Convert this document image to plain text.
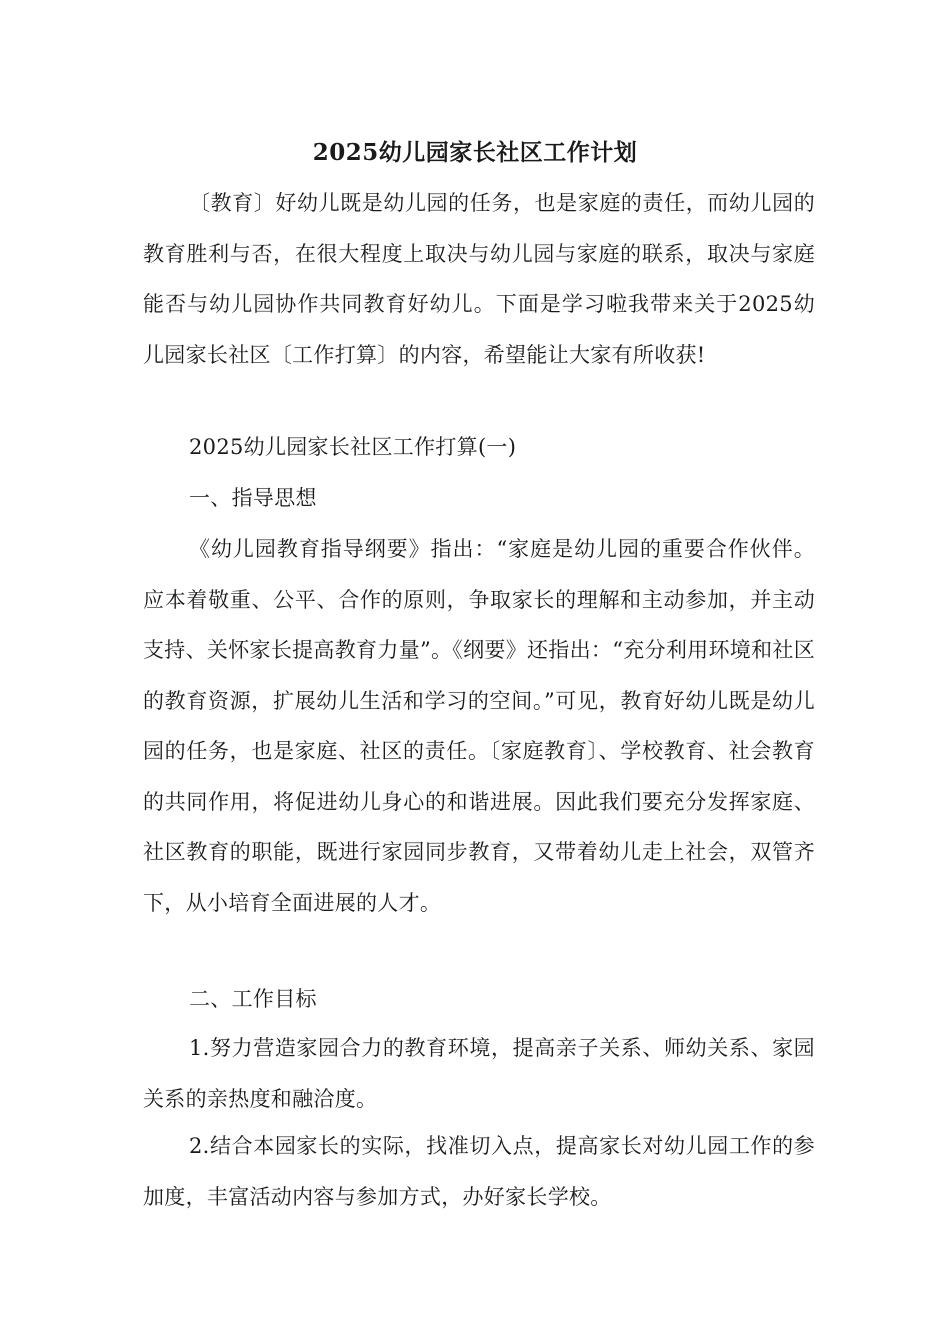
2025幼儿园家长社区工作计划
〔教育〕好幼儿既是幼儿园的任务，也是家庭的责任，而幼儿园的教育胜利与否，在很大程度上取决与幼儿园与家庭的联系，取决与家庭能否与幼儿园协作共同教育好幼儿。下面是学习啦我带来关于2025幼儿园家长社区〔工作打算〕的内容，希望能让大家有所收获!
2025幼儿园家长社区工作打算(一)
一、指导思想
《幼儿园教育指导纲要》指出：“家庭是幼儿园的重要合作伙伴。应本着敬重、公平、合作的原则，争取家长的理解和主动参加，并主动支持、关怀家长提高教育力量”。《纲要》还指出：“充分利用环境和社区的教育资源，扩展幼儿生活和学习的空间。”可见，教育好幼儿既是幼儿园的任务，也是家庭、社区的责任。〔家庭教育〕、学校教育、社会教育的共同作用，将促进幼儿身心的和谐进展。因此我们要充分发挥家庭、社区教育的职能，既进行家园同步教育，又带着幼儿走上社会，双管齐下，从小培育全面进展的人才。
二、工作目标
1.努力营造家园合力的教育环境，提高亲子关系、师幼关系、家园关系的亲热度和融洽度。
2.结合本园家长的实际，找准切入点，提高家长对幼儿园工作的参加度，丰富活动内容与参加方式，办好家长学校。
